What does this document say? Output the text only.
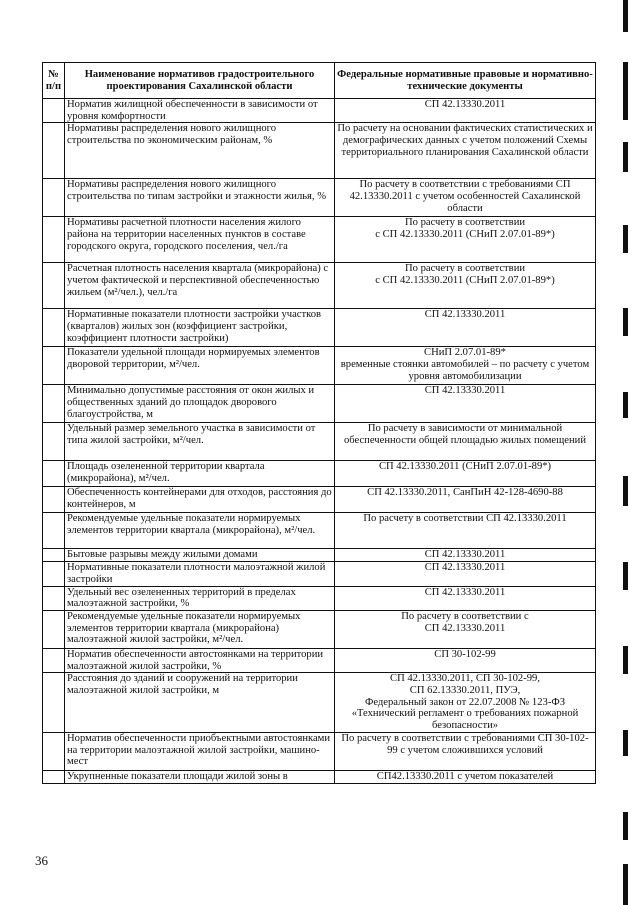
№
п/п	Наименование нормативов градостроительного проектирования Сахалинской области	Федеральные нормативные правовые и нормативно-технические документы
	Норматив жилищной обеспеченности в зависимости от уровня комфортности	СП 42.13330.2011
	Нормативы распределения нового жилищного строительства по экономическим районам, %	По расчету на основании фактических статистических и демографических данных с учетом положений Схемы территориального планирования Сахалинской области
	Нормативы распределения нового жилищного строительства по типам застройки и этажности жилья, %	По расчету в соответствии с требованиями СП 42.13330.2011 с учетом особенностей Сахалинской области
	Нормативы расчетной плотности населения жилого района на территории населенных пунктов в составе городского округа, городского поселения, чел./га	По расчету в соответствии
с СП 42.13330.2011 (СНиП 2.07.01-89*)
	Расчетная плотность населения квартала (микрорайона) с учетом фактической и перспективной обеспеченностью жильем (м²/чел.), чел./га	По расчету в соответствии
с СП 42.13330.2011 (СНиП 2.07.01-89*)
	Нормативные показатели плотности застройки участков (кварталов) жилых зон (коэффициент застройки, коэффициент плотности застройки)	СП 42.13330.2011
	Показатели удельной площади нормируемых элементов дворовой территории, м²/чел.	СНиП 2.07.01-89*
временные стоянки автомобилей – по расчету с учетом уровня автомобилизации
	Минимально допустимые расстояния от окон жилых и общественных зданий до площадок дворового благоустройства, м	СП 42.13330.2011
	Удельный размер земельного участка в зависимости от типа жилой застройки, м²/чел.	По расчету в зависимости от минимальной обеспеченности общей площадью жилых помещений
	Площадь озелененной территории квартала (микрорайона), м²/чел.	СП 42.13330.2011 (СНиП 2.07.01-89*)
	Обеспеченность контейнерами для отходов, расстояния до контейнеров, м	СП 42.13330.2011, СанПиН 42-128-4690-88
	Рекомендуемые удельные показатели нормируемых элементов территории квартала (микрорайона), м²/чел.	По расчету в соответствии СП 42.13330.2011
	Бытовые разрывы между жилыми домами	СП 42.13330.2011
	Нормативные показатели плотности малоэтажной жилой застройки	СП 42.13330.2011
	Удельный вес озелененных территорий в пределах малоэтажной застройки, %	СП 42.13330.2011
	Рекомендуемые удельные показатели нормируемых элементов территории квартала (микрорайона) малоэтажной жилой застройки, м²/чел.	По расчету в соответствии с
СП 42.13330.2011
	Норматив обеспеченности автостоянками на территории малоэтажной жилой застройки, %	СП 30-102-99
	Расстояния до зданий и сооружений на территории малоэтажной жилой застройки, м	СП 42.13330.2011, СП 30-102-99,
СП 62.13330.2011, ПУЭ,
Федеральный закон от 22.07.2008 № 123-ФЗ «Технический регламент о требованиях пожарной безопасности»
	Норматив обеспеченности приобъектными автостоянками на территории малоэтажной жилой застройки, машино-мест	По расчету в соответствии с требованиями СП 30-102-99 с учетом сложившихся условий
	Укрупненные показатели площади жилой зоны в	СП42.13330.2011 с учетом показателей
36
